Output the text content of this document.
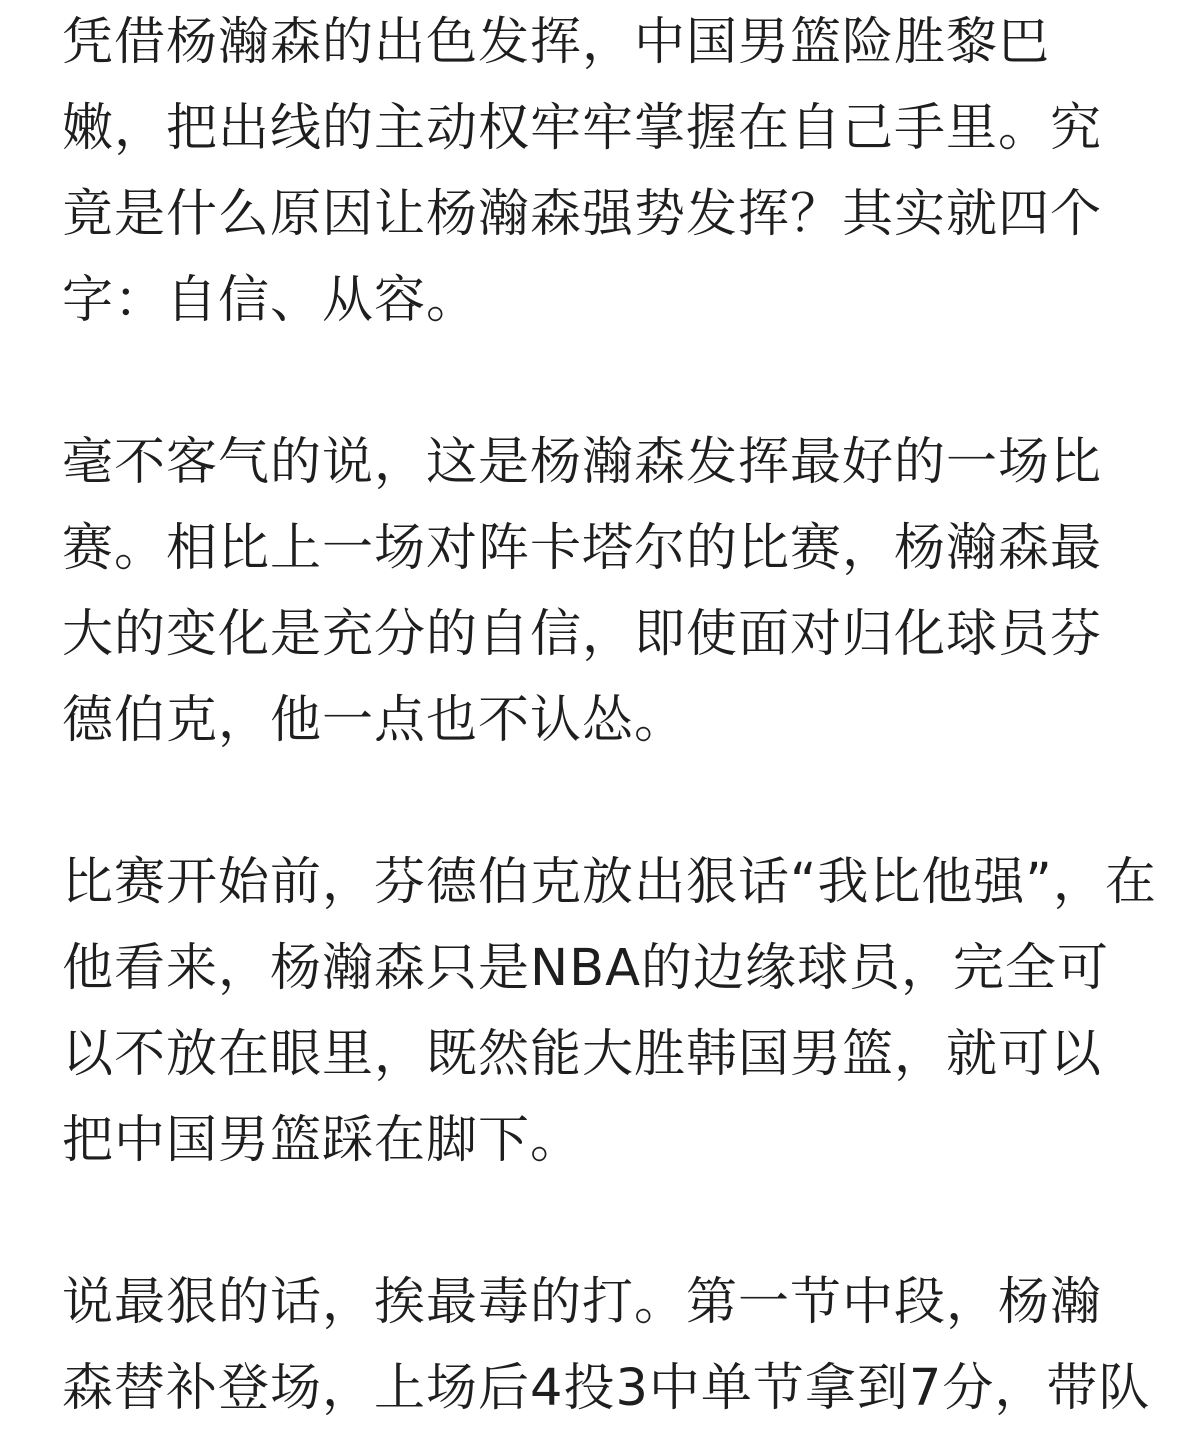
凭借杨瀚森的出色发挥，中国男篮险胜黎巴
嫩，把出线的主动权牢牢掌握在自己手里。究
竟是什么原因让杨瀚森强势发挥？其实就四个
字：自信、从容。

毫不客气的说，这是杨瀚森发挥最好的一场比
赛。相比上一场对阵卡塔尔的比赛，杨瀚森最
大的变化是充分的自信，即使面对归化球员芬
德伯克，他一点也不认怂。

比赛开始前，芬德伯克放出狠话“我比他强”，在
他看来，杨瀚森只是NBA的边缘球员，完全可
以不放在眼里，既然能大胜韩国男篮，就可以
把中国男篮踩在脚下。

说最狠的话，挨最毒的打。第一节中段，杨瀚
森替补登场，上场后4投3中单节拿到7分，带队
